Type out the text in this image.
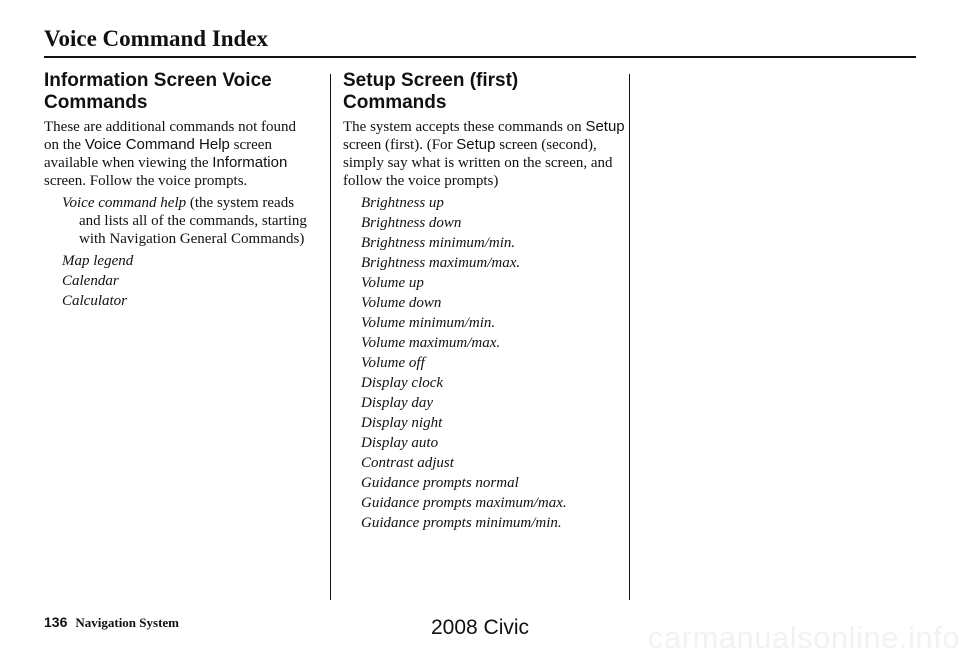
Voice Command Index
Information Screen Voice Commands

These are additional commands not found on the Voice Command Help screen available when viewing the Information screen. Follow the voice prompts.

Voice command help (the system reads and lists all of the commands, starting with Navigation General Commands)
Map legend
Calendar
Calculator
Setup Screen (first) Commands

The system accepts these commands on Setup screen (first). (For Setup screen (second), simply say what is written on the screen, and follow the voice prompts)

Brightness up
Brightness down
Brightness minimum/min.
Brightness maximum/max.
Volume up
Volume down
Volume minimum/min.
Volume maximum/max.
Volume off
Display clock
Display day
Display night
Display auto
Contrast adjust
Guidance prompts normal
Guidance prompts maximum/max.
Guidance prompts minimum/min.
136 Navigation System	2008 Civic	carmanualsonline.info
